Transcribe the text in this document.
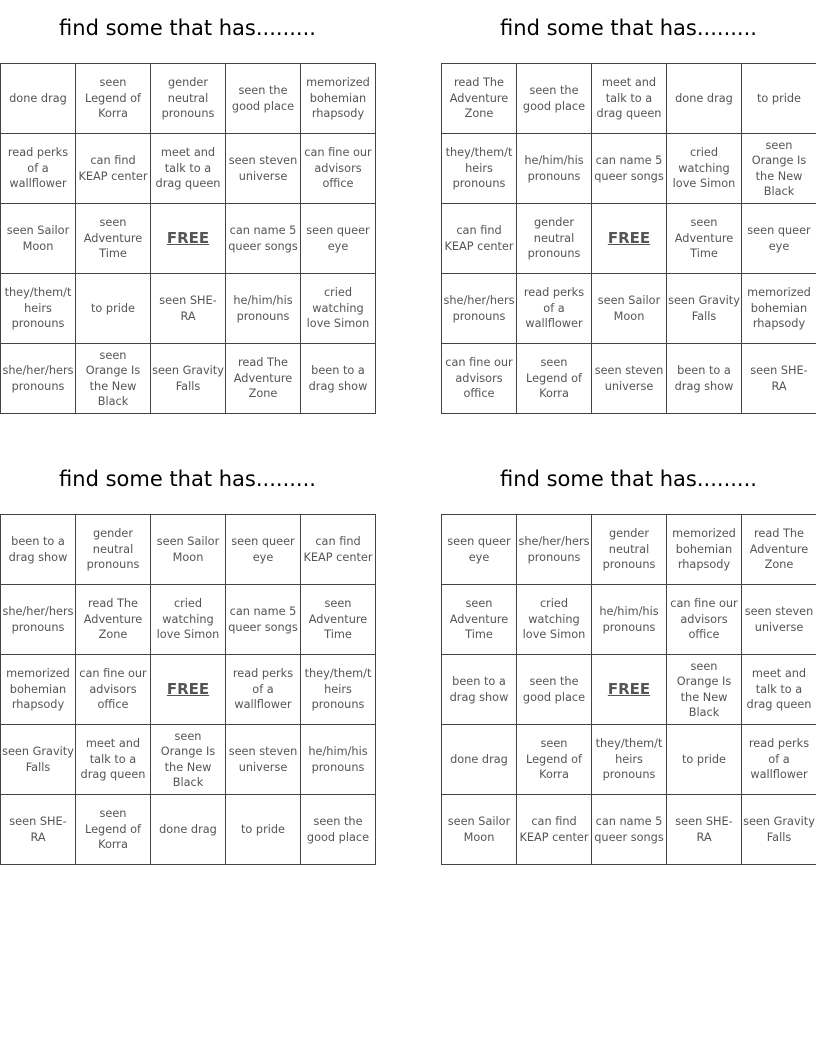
find some that has.........
done drag	seen Legend of Korra	gender neutral pronouns	seen the good place	memorized bohemian rhapsody
read perks of a wallflower	can find KEAP center	meet and talk to a drag queen	seen steven universe	can fine our advisors office
seen Sailor Moon	seen Adventure Time	FREE	can name 5 queer songs	seen queer eye
they/them/theirs pronouns	to pride	seen SHE-RA	he/him/his pronouns	cried watching love Simon
she/her/hers pronouns	seen Orange Is the New Black	seen Gravity Falls	read The Adventure Zone	been to a drag show
find some that has.........
read The Adventure Zone	seen the good place	meet and talk to a drag queen	done drag	to pride
they/them/theirs pronouns	he/him/his pronouns	can name 5 queer songs	cried watching love Simon	seen Orange Is the New Black
can find KEAP center	gender neutral pronouns	FREE	seen Adventure Time	seen queer eye
she/her/hers pronouns	read perks of a wallflower	seen Sailor Moon	seen Gravity Falls	memorized bohemian rhapsody
can fine our advisors office	seen Legend of Korra	seen steven universe	been to a drag show	seen SHE-RA
find some that has.........
been to a drag show	gender neutral pronouns	seen Sailor Moon	seen queer eye	can find KEAP center
she/her/hers pronouns	read The Adventure Zone	cried watching love Simon	can name 5 queer songs	seen Adventure Time
memorized bohemian rhapsody	can fine our advisors office	FREE	read perks of a wallflower	they/them/theirs pronouns
seen Gravity Falls	meet and talk to a drag queen	seen Orange Is the New Black	seen steven universe	he/him/his pronouns
seen SHE-RA	seen Legend of Korra	done drag	to pride	seen the good place
find some that has.........
seen queer eye	she/her/hers pronouns	gender neutral pronouns	memorized bohemian rhapsody	read The Adventure Zone
seen Adventure Time	cried watching love Simon	he/him/his pronouns	can fine our advisors office	seen steven universe
been to a drag show	seen the good place	FREE	seen Orange Is the New Black	meet and talk to a drag queen
done drag	seen Legend of Korra	they/them/theirs pronouns	to pride	read perks of a wallflower
seen Sailor Moon	can find KEAP center	can name 5 queer songs	seen SHE-RA	seen Gravity Falls
